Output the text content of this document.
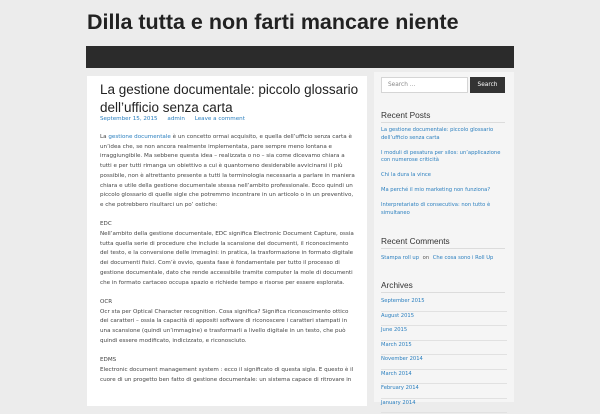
Dilla tutta e non farti mancare niente
La gestione documentale: piccolo glossario dell’ufficio senza carta
September 15, 2015 admin Leave a comment

La gestione documentale è un concetto ormai acquisito, e quella dell’ufficio senza carta è un’idea che, se non ancora realmente implementata, pare sempre meno lontana e irraggiungibile. Ma sebbene questa idea – realizzata o no – sia come dicevamo chiara a tutti e per tutti rimanga un obiettivo a cui è quantomeno desiderabile avvicinarsi il più possibile, non è altrettanto presente a tutti la terminologia necessaria a parlare in maniera chiara e utile della gestione documentale stessa nell’ambito professionale. Ecco quindi un piccolo glossario di quelle sigle che potremmo incontrare in un articolo o in un preventivo, e che potrebbero risultarci un po’ ostiche:

EDC
Nell’ambito della gestione documentale, EDC significa Electronic Document Capture, ossia tutta quella serie di procedure che include la scansione dei documenti, il riconoscimento del testo, e la conversione delle immagini: in pratica, la trasformazione in formato digitale dei documenti fisici. Com’è ovvio, questa fase è fondamentale per tutto il processo di gestione documentale, dato che rende accessibile tramite computer la mole di documenti che in formato cartaceo occupa spazio e richiede tempo e risorse per essere esplorata.

OCR
Ocr sta per Optical Character recognition. Cosa significa? Significa riconoscimento ottico dei caratteri – ossia la capacità di appositi software di riconoscere i caratteri stampati in una scansione (quindi un’immagine) e trasformarli a livello digitale in un testo, che può quindi essere modificato, indicizzato, e riconosciuto.

EDMS
Electronic document management system : ecco il significato di questa sigla. E questo è il cuore di un progetto ben fatto di gestione documentale: un sistema capace di ritrovare in

Search …	Search
Recent Posts
La gestione documentale: piccolo glossario dell’ufficio senza carta
I moduli di pesatura per silos: un’applicazione con numerose criticità
Chi la dura la vince
Ma perché il mio marketing non funziona?
Interpretariato di consecutiva: non tutto è simultaneo
Recent Comments
Stampa roll up on Che cosa sono i Roll Up
Archives
September 2015
August 2015
June 2015
March 2015
November 2014
March 2014
February 2014
January 2014
